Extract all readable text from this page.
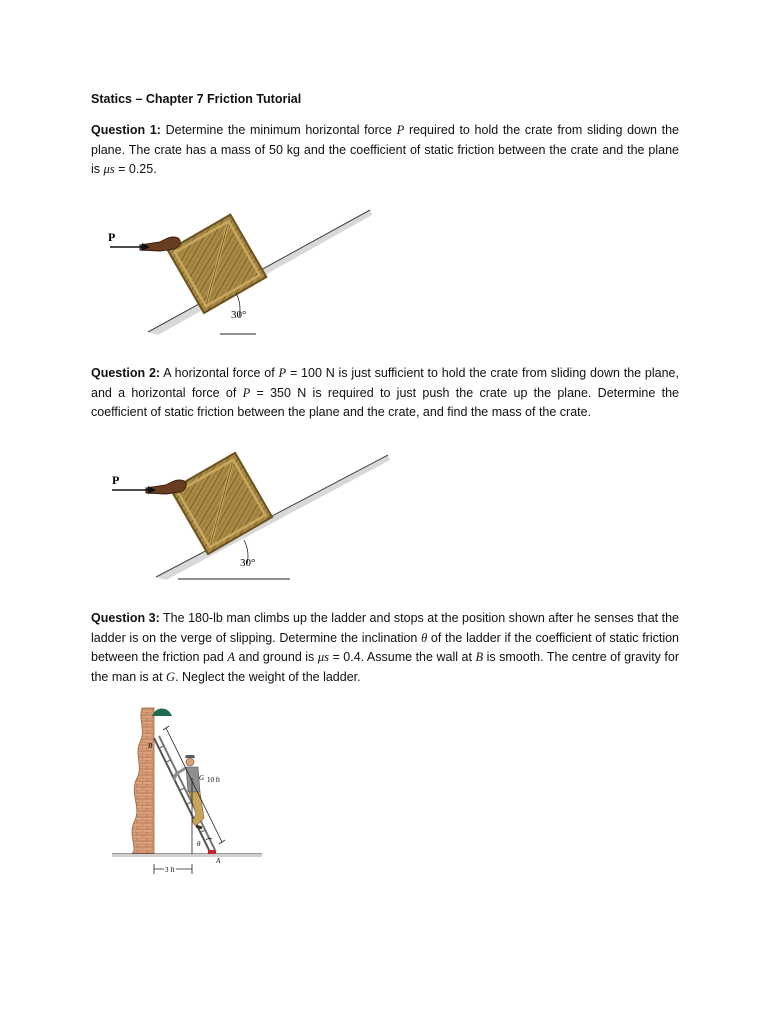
Statics – Chapter 7 Friction Tutorial
Question 1: Determine the minimum horizontal force P required to hold the crate from sliding down the plane. The crate has a mass of 50 kg and the coefficient of static friction between the crate and the plane is μs = 0.25.
P
30°
Question 2: A horizontal force of P = 100 N is just sufficient to hold the crate from sliding down the plane, and a horizontal force of P = 350 N is required to just push the crate up the plane. Determine the coefficient of static friction between the plane and the crate, and find the mass of the crate.
P
30°
Question 3: The 180-lb man climbs up the ladder and stops at the position shown after he senses that the ladder is on the verge of slipping. Determine the inclination θ of the ladder if the coefficient of static friction between the friction pad A and ground is μs = 0.4. Assume the wall at B is smooth. The centre of gravity for the man is at G. Neglect the weight of the ladder.
B
G 10 ft
θ
A
3 ft
